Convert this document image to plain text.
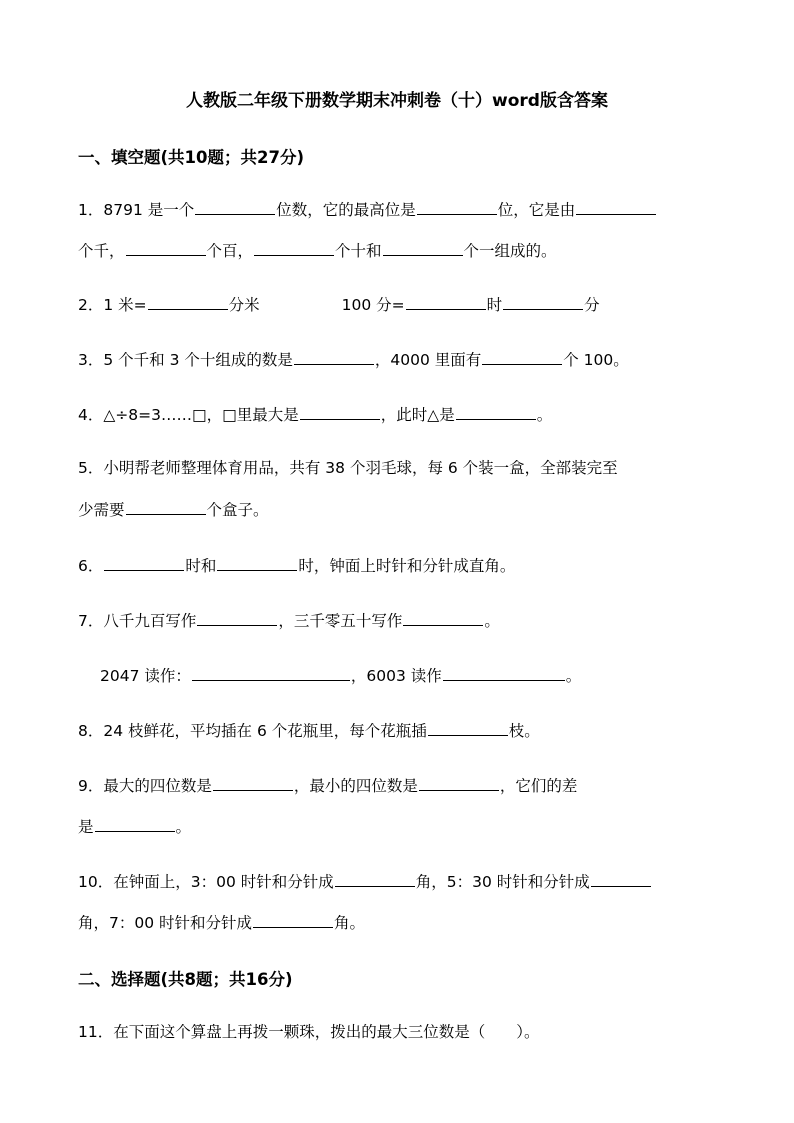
人教版二年级下册数学期末冲刺卷（十）word版含答案
一、填空题(共10题；共27分)
1．8791 是一个	位数，它的最高位是	位，它是由
个千，	个百，	个十和	个一组成的。
2．1 米=	分米	100 分=	时	分
3．5 个千和 3 个十组成的数是	，4000 里面有	个 100。
4．△÷8=3……□，□里最大是	，此时△是	。
5．小明帮老师整理体育用品，共有 38 个羽毛球，每 6 个装一盒，全部装完至
少需要	个盒子。
6．	时和	时，钟面上时针和分针成直角。
7．八千九百写作	，三千零五十写作	。
2047 读作：	，6003 读作	。
8．24 枝鲜花，平均插在 6 个花瓶里，每个花瓶插	枝。
9．最大的四位数是	，最小的四位数是	，它们的差
是	。
10．在钟面上，3：00 时针和分针成	角，5：30 时针和分针成
角，7：00 时针和分针成	角。
二、选择题(共8题；共16分)
11．在下面这个算盘上再拨一颗珠，拨出的最大三位数是（　　）。
